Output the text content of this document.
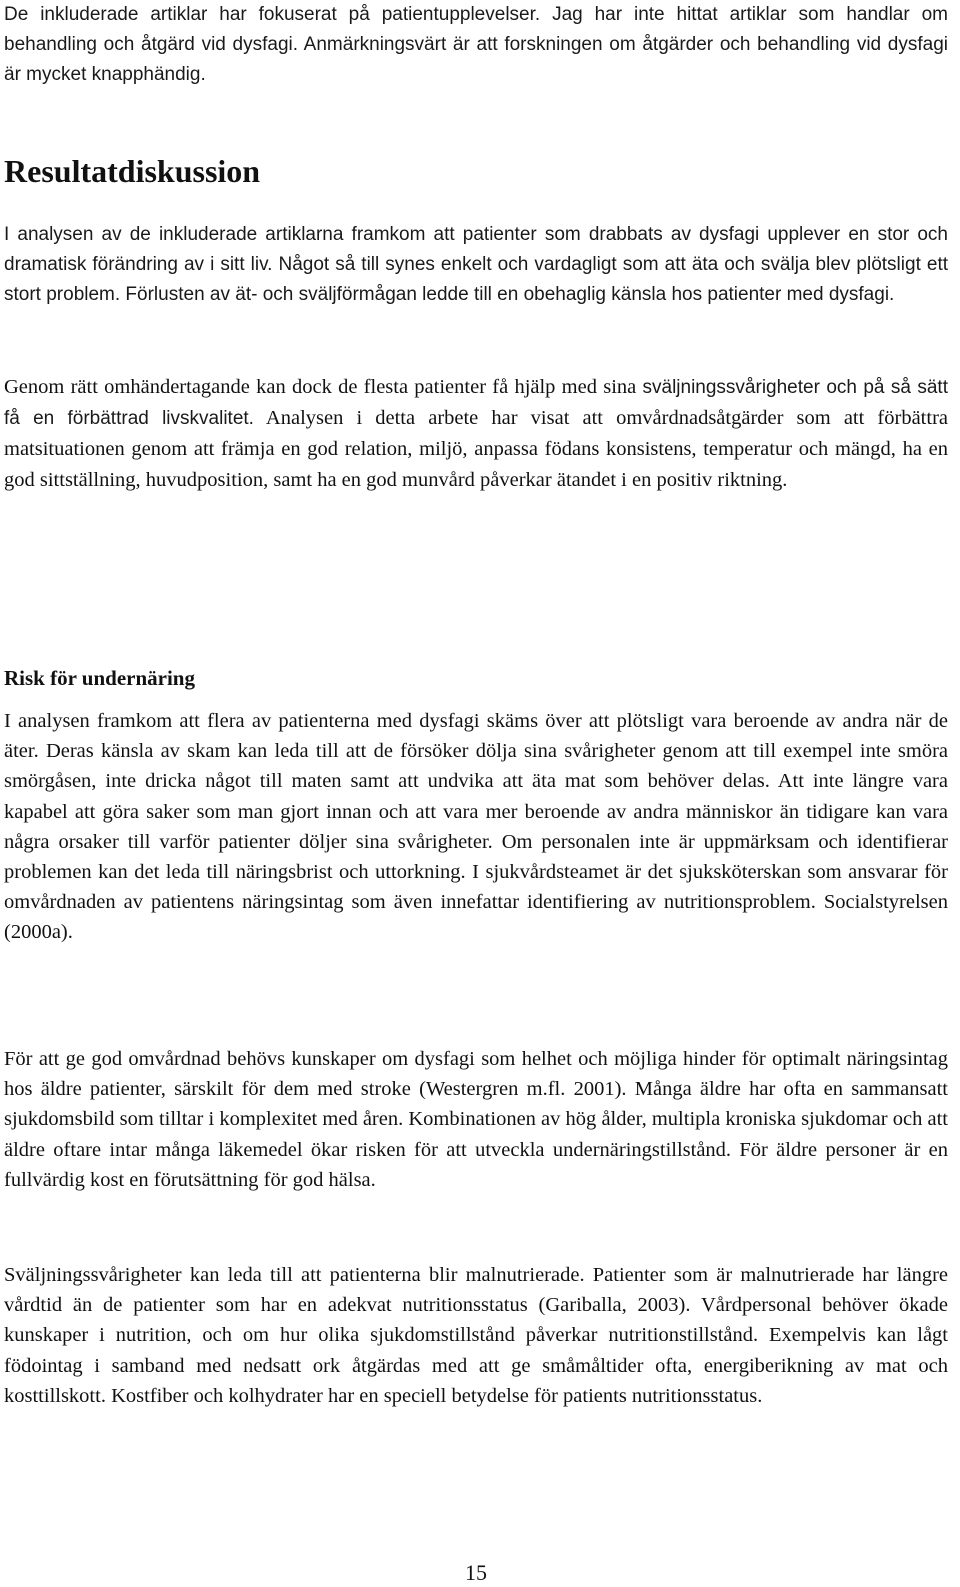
De inkluderade artiklar har fokuserat på patientupplevelser. Jag har inte hittat artiklar som handlar om behandling och åtgärd vid dysfagi. Anmärkningsvärt är att forskningen om åtgärder och behandling vid dysfagi är mycket knapphändig.

Resultatdiskussion

I analysen av de inkluderade artiklarna framkom att patienter som drabbats av dysfagi upplever en stor och dramatisk förändring av i sitt liv. Något så till synes enkelt och vardagligt som att äta och svälja blev plötsligt ett stort problem. Förlusten av ät- och sväljförmågan ledde till en obehaglig känsla hos patienter med dysfagi.

Genom rätt omhändertagande kan dock de flesta patienter få hjälp med sina sväljningssvårigheter och på så sätt få en förbättrad livskvalitet. Analysen i detta arbete har visat att omvårdnadsåtgärder som att förbättra matsituationen genom att främja en god relation, miljö, anpassa födans konsistens, temperatur och mängd, ha en god sittställning, huvudposition, samt ha en god munvård påverkar ätandet i en positiv riktning.

Risk för undernäring

I analysen framkom att flera av patienterna med dysfagi skäms över att plötsligt vara beroende av andra när de äter. Deras känsla av skam kan leda till att de försöker dölja sina svårigheter genom att till exempel inte smöra smörgåsen, inte dricka något till maten samt att undvika att äta mat som behöver delas. Att inte längre vara kapabel att göra saker som man gjort innan och att vara mer beroende av andra människor än tidigare kan vara några orsaker till varför patienter döljer sina svårigheter. Om personalen inte är uppmärksam och identifierar problemen kan det leda till näringsbrist och uttorkning. I sjukvårdsteamet är det sjuksköterskan som ansvarar för omvårdnaden av patientens näringsintag som även innefattar identifiering av nutritionsproblem. Socialstyrelsen (2000a).

För att ge god omvårdnad behövs kunskaper om dysfagi som helhet och möjliga hinder för optimalt näringsintag hos äldre patienter, särskilt för dem med stroke (Westergren m.fl. 2001). Många äldre har ofta en sammansatt sjukdomsbild som tilltar i komplexitet med åren. Kombinationen av hög ålder, multipla kroniska sjukdomar och att äldre oftare intar många läkemedel ökar risken för att utveckla undernäringstillstånd. För äldre personer är en fullvärdig kost en förutsättning för god hälsa.

Sväljningssvårigheter kan leda till att patienterna blir malnutrierade. Patienter som är malnutrierade har längre vårdtid än de patienter som har en adekvat nutritionsstatus (Gariballa, 2003). Vårdpersonal behöver ökade kunskaper i nutrition, och om hur olika sjukdomstillstånd påverkar nutritionstillstånd. Exempelvis kan lågt födointag i samband med nedsatt ork åtgärdas med att ge småmåltider ofta, energiberikning av mat och kosttillskott. Kostfiber och kolhydrater har en speciell betydelse för patients nutritionsstatus.

15
